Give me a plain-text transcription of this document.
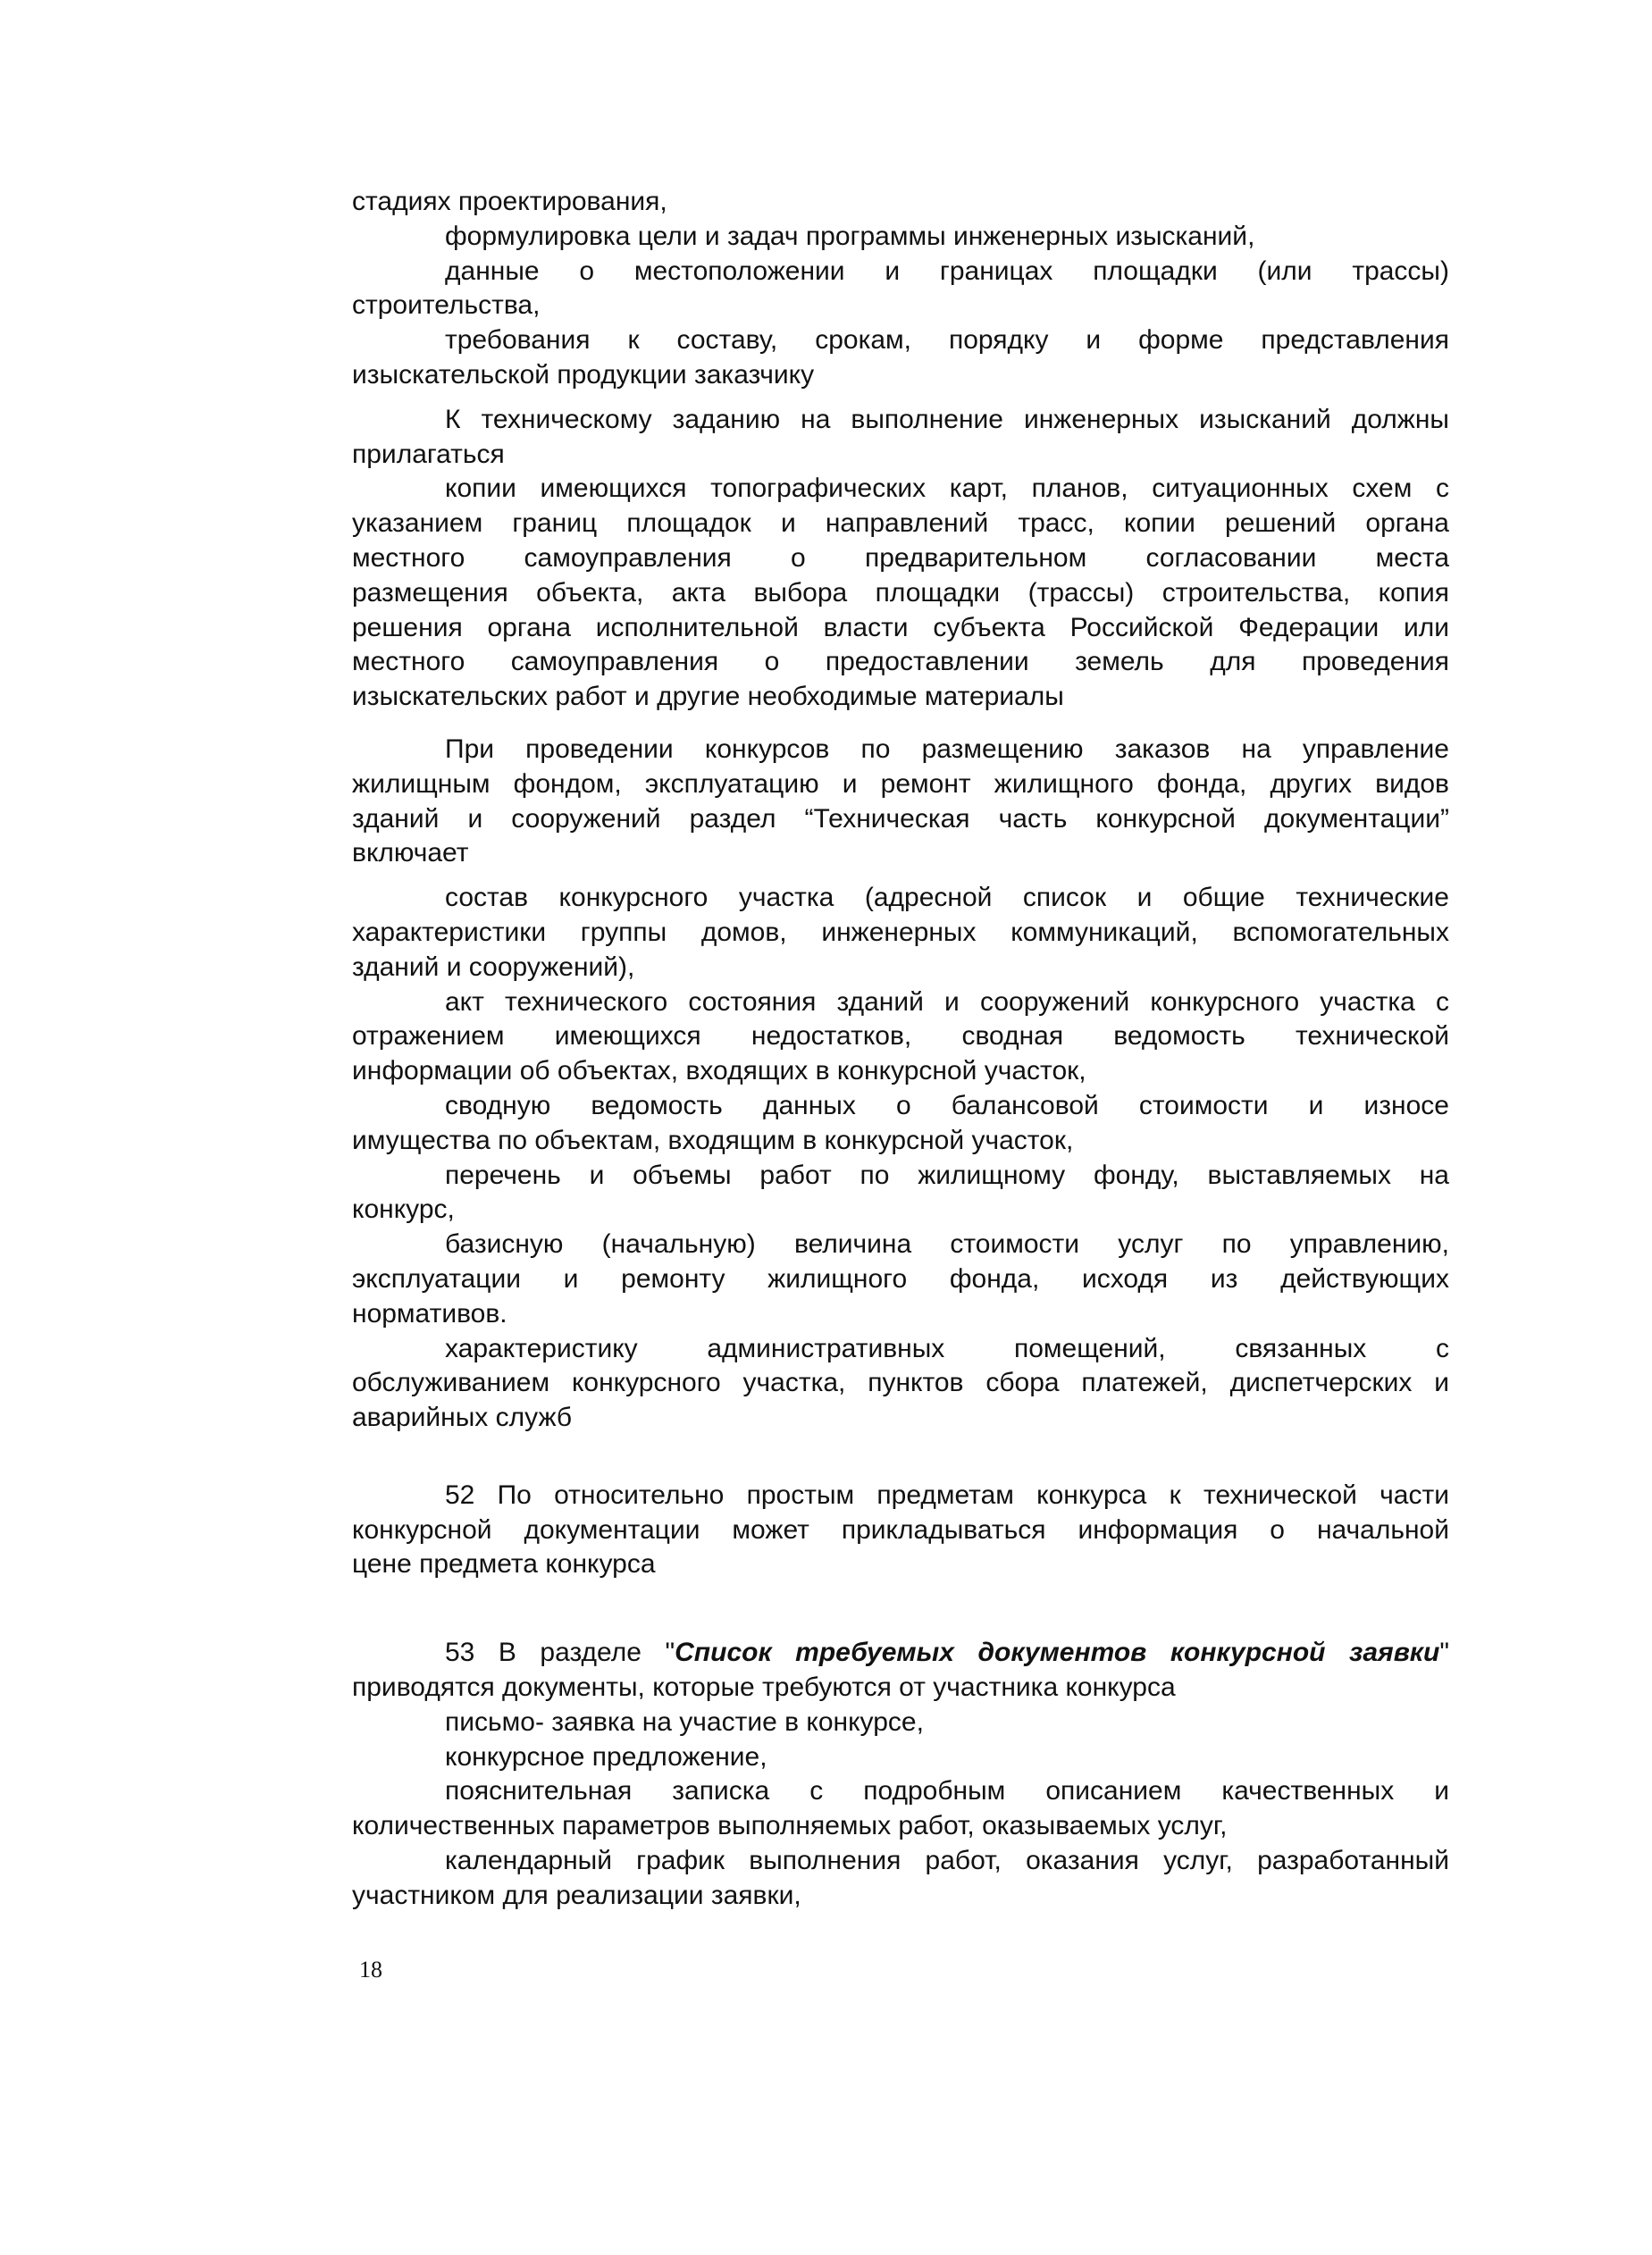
стадиях проектирования,

формулировка цели и задач программы инженерных изысканий,

данные о местоположении и границах площадки (или трассы)
строительства,

требования к составу, срокам, порядку и форме представления
изыскательской продукции заказчику

К техническому заданию на выполнение инженерных изысканий должны
прилагаться

копии имеющихся топографических карт, планов, ситуационных схем с
указанием границ площадок и направлений трасс, копии решений органа
местного самоуправления о предварительном согласовании места
размещения объекта, акта выбора площадки (трассы) строительства, копия
решения органа исполнительной власти субъекта Российской Федерации или
местного самоуправления о предоставлении земель для проведения
изыскательских работ и другие необходимые материалы

При проведении конкурсов по размещению заказов на управление
жилищным фондом, эксплуатацию и ремонт жилищного фонда, других видов
зданий и сооружений раздел “Техническая часть конкурсной документации”
включает

состав конкурсного участка (адресной список и общие технические
характеристики группы домов, инженерных коммуникаций, вспомогательных
зданий и сооружений),

акт технического состояния зданий и сооружений конкурсного участка с
отражением имеющихся недостатков, сводная ведомость технической
информации об объектах, входящих в конкурсной участок,

сводную ведомость данных о балансовой стоимости и износе
имущества по объектам, входящим в конкурсной участок,

перечень и объемы работ по жилищному фонду, выставляемых на
конкурс,

базисную (начальную) величина стоимости услуг по управлению,
эксплуатации и ремонту жилищного фонда, исходя из действующих
нормативов.

характеристику административных помещений, связанных с
обслуживанием конкурсного участка, пунктов сбора платежей, диспетчерских и
аварийных служб

52 По относительно простым предметам конкурса к технической части
конкурсной документации может прикладываться информация о начальной
цене предмета конкурса

53 В разделе "Список требуемых документов конкурсной заявки"
приводятся документы, которые требуются от участника конкурса

письмо- заявка на участие в конкурсе,

конкурсное предложение,

пояснительная записка с подробным описанием качественных и
количественных параметров выполняемых работ, оказываемых услуг,

календарный график выполнения работ, оказания услуг, разработанный
участником для реализации заявки,

18
